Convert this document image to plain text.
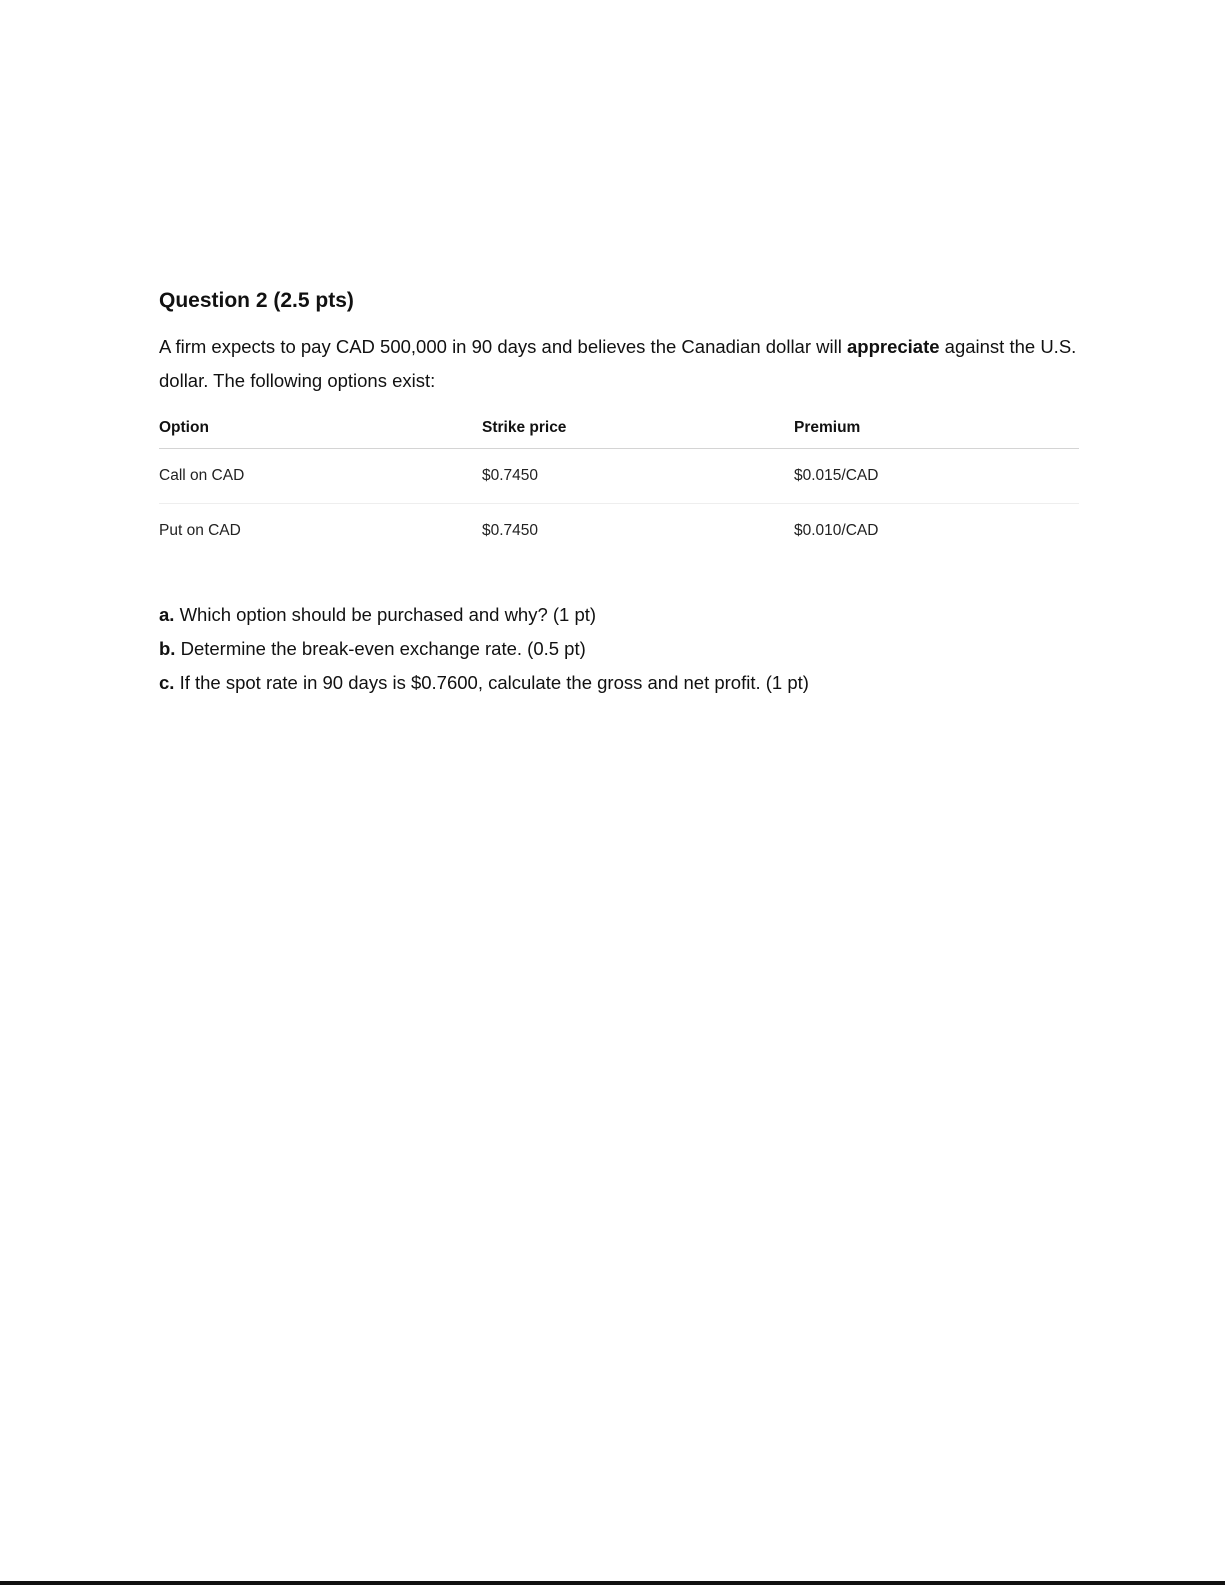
Question 2 (2.5 pts)

A firm expects to pay CAD 500,000 in 90 days and believes the Canadian dollar will appreciate against the U.S. dollar. The following options exist:

Option	Strike price	Premium
Call on CAD	$0.7450	$0.015/CAD
Put on CAD	$0.7450	$0.010/CAD
a. Which option should be purchased and why? (1 pt)
b. Determine the break-even exchange rate. (0.5 pt)
c. If the spot rate in 90 days is $0.7600, calculate the gross and net profit. (1 pt)
